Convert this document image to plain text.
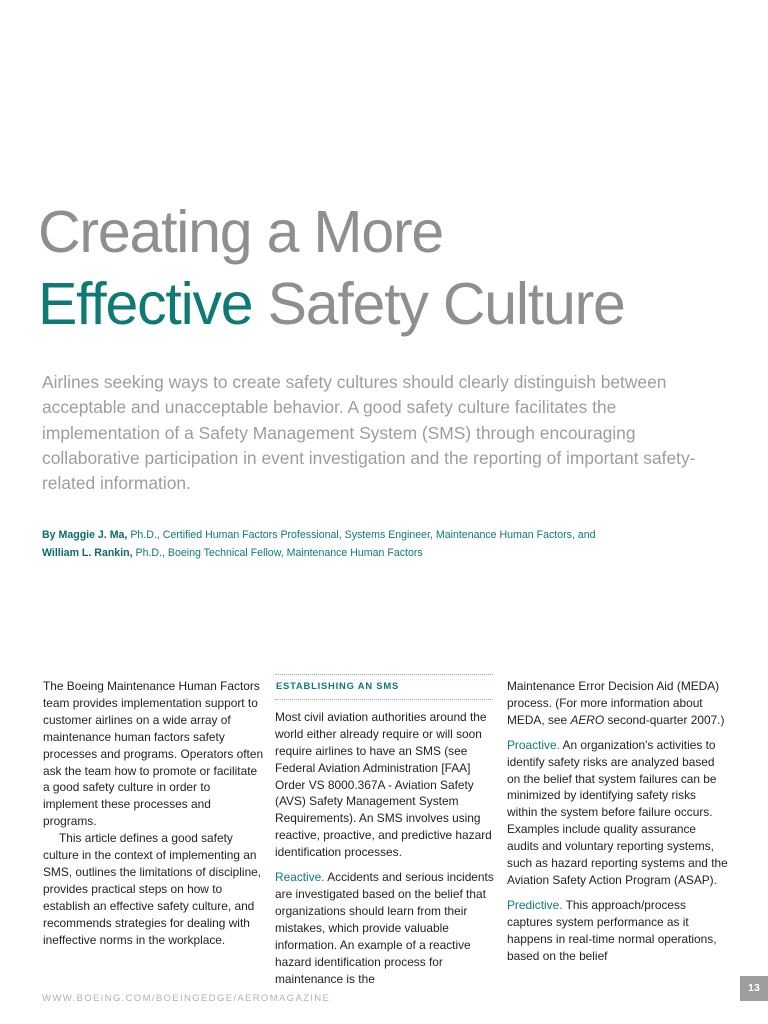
Creating a More
Effective Safety Culture

Airlines seeking ways to create safety cultures should clearly distinguish between acceptable and unacceptable behavior. A good safety culture facilitates the implementation of a Safety Management System (SMS) through encouraging collaborative participation in event investigation and the reporting of important safety-related information.

By Maggie J. Ma, Ph.D., Certified Human Factors Professional, Systems Engineer, Maintenance Human Factors, and
William L. Rankin, Ph.D., Boeing Technical Fellow, Maintenance Human Factors

The Boeing Maintenance Human Factors team provides implementation support to customer airlines on a wide array of maintenance human factors safety processes and programs. Operators often ask the team how to promote or facilitate a good safety culture in order to implement these processes and programs.

This article defines a good safety culture in the context of implementing an SMS, outlines the limitations of discipline, provides practical steps on how to establish an effective safety culture, and recommends strategies for dealing with ineffective norms in the workplace.

ESTABLISHING AN SMS

Most civil aviation authorities around the world either already require or will soon require airlines to have an SMS (see Federal Aviation Administration [FAA] Order VS 8000.367A - Aviation Safety (AVS) Safety Management System Requirements). An SMS involves using reactive, proactive, and predictive hazard identification processes.

Reactive. Accidents and serious incidents are investigated based on the belief that organizations should learn from their mistakes, which provide valuable information. An example of a reactive hazard identification process for maintenance is the

Maintenance Error Decision Aid (MEDA) process. (For more information about MEDA, see AERO second-quarter 2007.)

Proactive. An organization's activities to identify safety risks are analyzed based on the belief that system failures can be minimized by identifying safety risks within the system before failure occurs. Examples include quality assurance audits and voluntary reporting systems, such as hazard reporting systems and the Aviation Safety Action Program (ASAP).

Predictive. This approach/process captures system performance as it happens in real-time normal operations, based on the belief

WWW.BOEING.COM/BOEINGEDGE/AEROMAGAZINE
13
